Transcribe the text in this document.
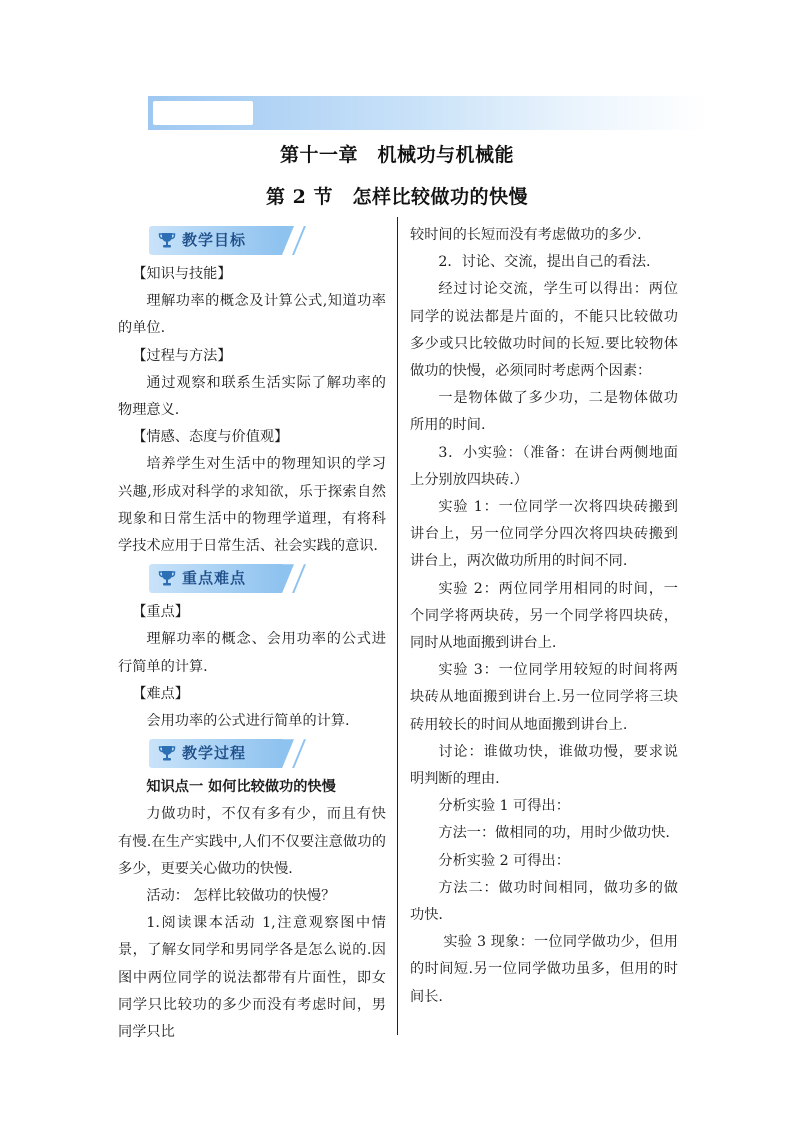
第十一章　机械功与机械能
第 2 节　怎样比较做功的快慢
教学目标

【知识与技能】

理解功率的概念及计算公式,知道功率的单位.

【过程与方法】

通过观察和联系生活实际了解功率的物理意义.

【情感、态度与价值观】

培养学生对生活中的物理知识的学习兴趣,形成对科学的求知欲，乐于探索自然现象和日常生活中的物理学道理，有将科学技术应用于日常生活、社会实践的意识.

重点难点

【重点】

理解功率的概念、会用功率的公式进行简单的计算.

【难点】

会用功率的公式进行简单的计算.

教学过程

知识点一 如何比较做功的快慢

力做功时，不仅有多有少，而且有快有慢.在生产实践中,人们不仅要注意做功的多少，更要关心做功的快慢.

活动： 怎样比较做功的快慢？

1.阅读课本活动 1,注意观察图中情景，了解女同学和男同学各是怎么说的.因图中两位同学的说法都带有片面性，即女同学只比较功的多少而没有考虑时间，男同学只比

较时间的长短而没有考虑做功的多少.

2．讨论、交流，提出自己的看法.

经过讨论交流，学生可以得出：两位同学的说法都是片面的，不能只比较做功多少或只比较做功时间的长短.要比较物体做功的快慢，必须同时考虑两个因素：

一是物体做了多少功，二是物体做功所用的时间.

3．小实验：（准备：在讲台两侧地面上分别放四块砖.）

实验 1：一位同学一次将四块砖搬到讲台上，另一位同学分四次将四块砖搬到讲台上，两次做功所用的时间不同.

实验 2：两位同学用相同的时间，一个同学将两块砖，另一个同学将四块砖，同时从地面搬到讲台上.

实验 3：一位同学用较短的时间将两块砖从地面搬到讲台上.另一位同学将三块砖用较长的时间从地面搬到讲台上.

讨论：谁做功快，谁做功慢，要求说明判断的理由.

分析实验 1 可得出：

方法一：做相同的功，用时少做功快.

分析实验 2 可得出：

方法二：做功时间相同，做功多的做功快.

实验 3 现象：一位同学做功少，但用的时间短.另一位同学做功虽多，但用的时间长.
